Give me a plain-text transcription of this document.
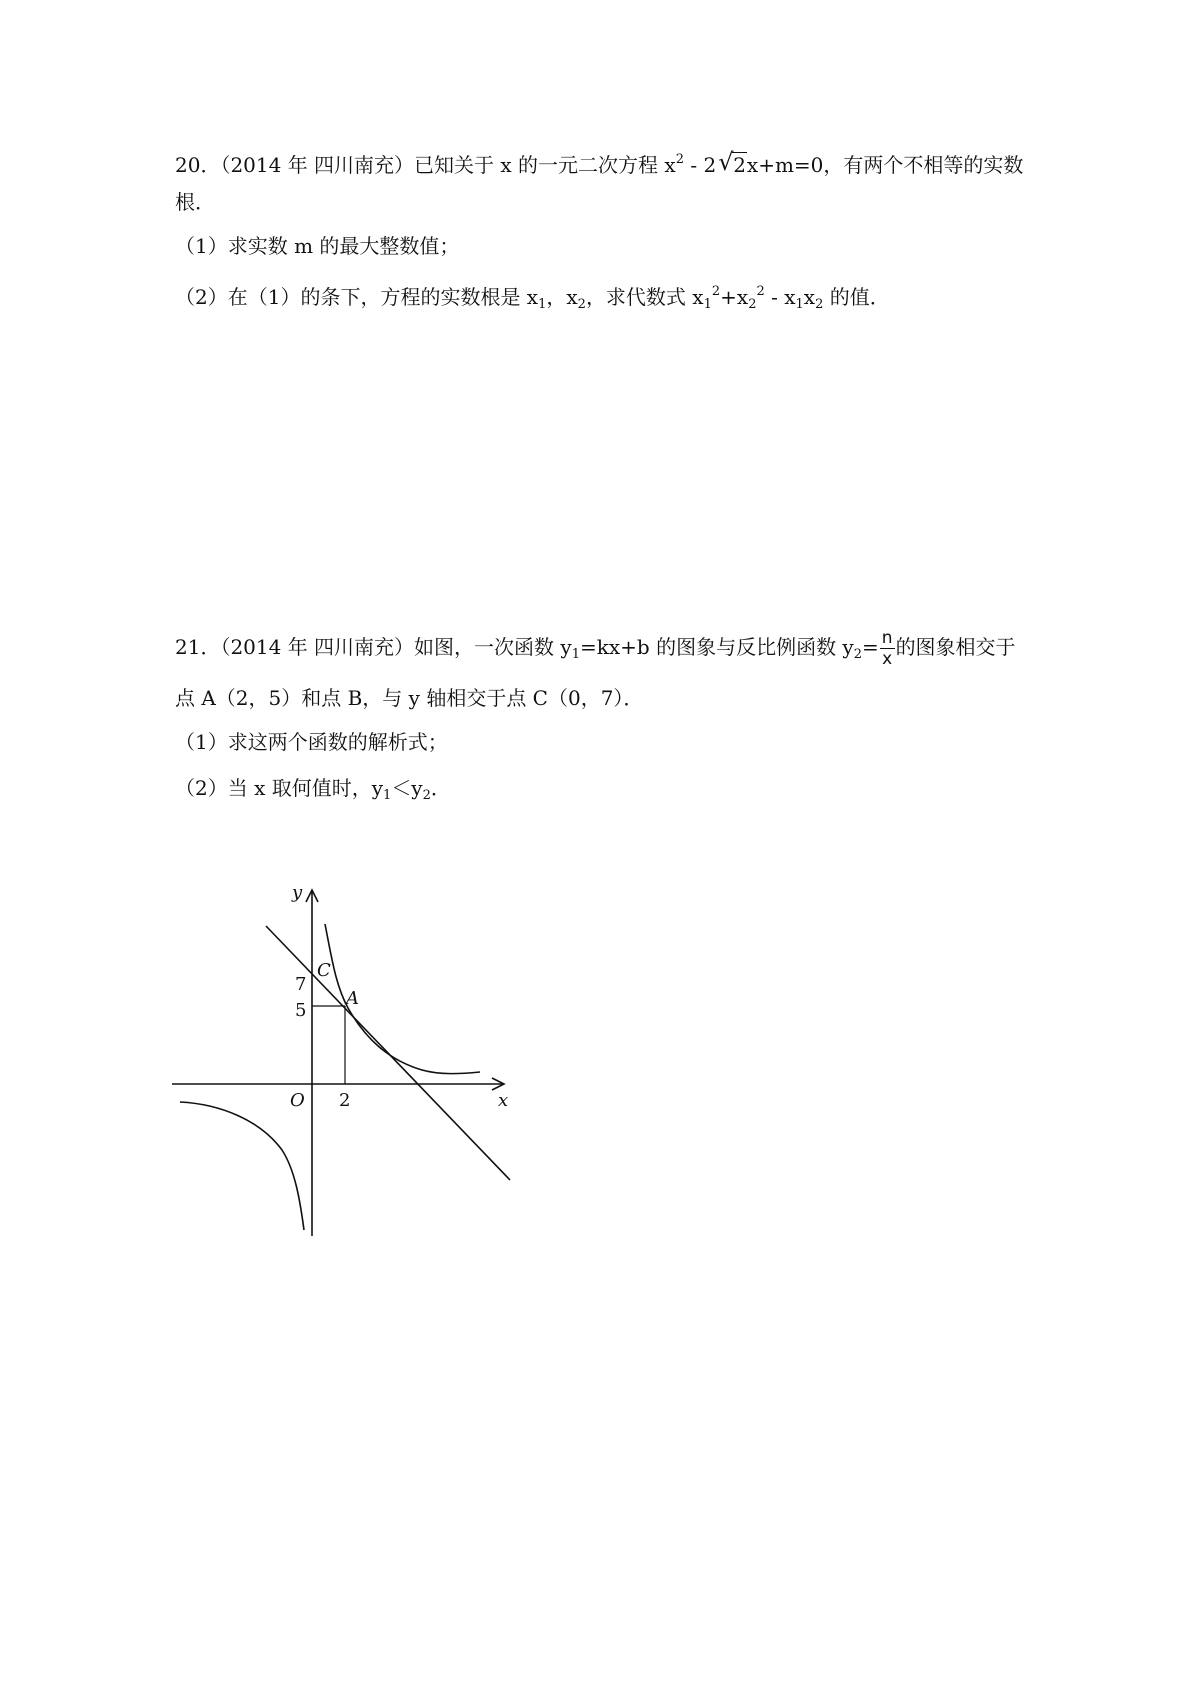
20．（2014 年 四川南充）已知关于 x 的一元二次方程 $x^2 - 2$ √ 2x+m=0，有两个不相等的实数
根．
（1）求实数 m 的最大整数值；
（2）在（1）的条下，方程的实数根是 $x_1$，$x_2$，求代数式 $x_1^2+x_2^2 - x_1x_2$ 的值．
21．（2014 年 四川南充）如图，一次函数 $y_1=kx+b$ 的图象与反比例函数 $y_2= \frac{n}{x}$ 的图象相交于
点 A（2，5）和点 B，与 y 轴相交于点 C（0，7）．
（1）求这两个函数的解析式；
（2）当 x 取何值时，$y_1<y_2$．
y
x
O 2
7
5
C
A
